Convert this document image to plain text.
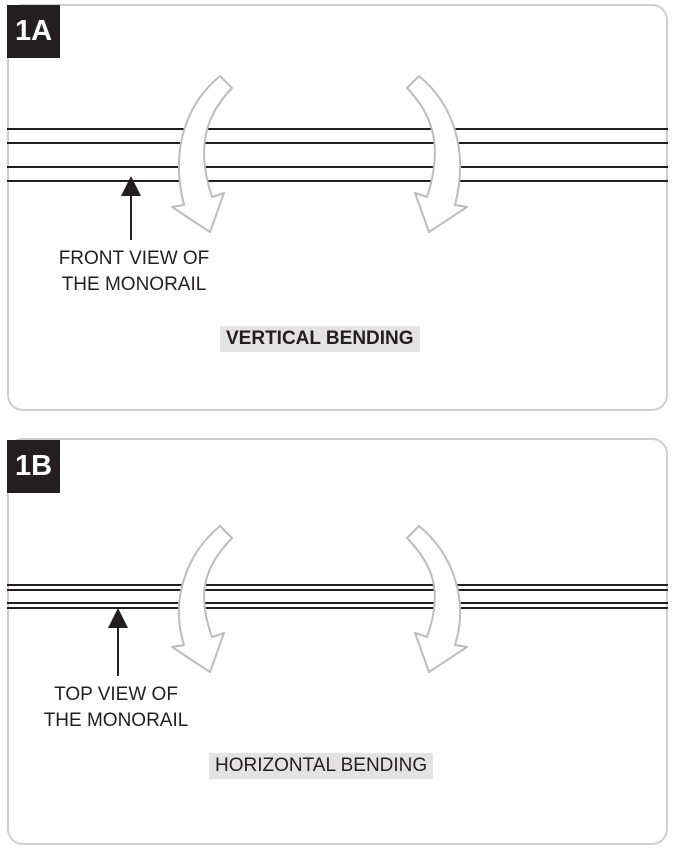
1A
1B
FRONT VIEW OF
THE MONORAIL
VERTICAL BENDING
TOP VIEW OF
THE MONORAIL
HORIZONTAL BENDING
